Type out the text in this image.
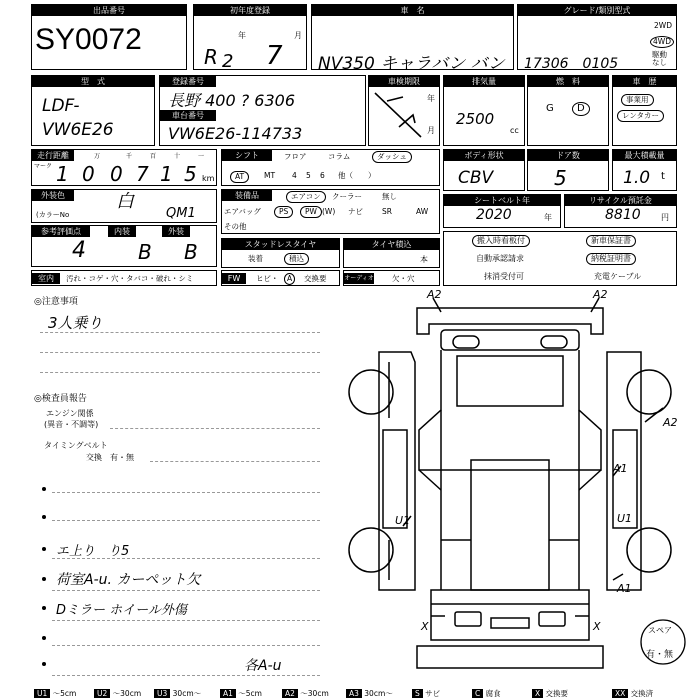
出品番号
SY0072
初年度登録
R 2
年
7
月
車　名
NV350 キャラバン バン
グレード/類別型式
17306　0105
2WD
4WD
駆動なし
型　式
LDF-
VW6E26
登録番号
長野 400 ? 6306
車台番号
VW6E26-114733
車検期限
年
月
排気量
2500
cc
燃　料
G	D
車　歴
事業用
レンタカー
走行距離
マーク
万	千	百	十	一
1 0 0 7 1 5 km
シフト	フロア	コラム	ダッシュ
AT	MT 4 5 6 他（　　）
ボディ形状
CBV
ドア数
5
最大積載量
1.0 t
外装色	白
(カラーNo	QM1
装備品	エアコン	クーラー	無し
エアバッグ	PS	PW (W) ナビ	SR	AW
その他
シートベルト年
2020	年
リサイクル預託金
8810	円
参考評価点
4
内装
B
外装
B	スタッドレスタイヤ
装着	積込
タイヤ積込
本
搬入時看板付	新車保証書
自動承認請求	納税証明書
抹消受付可	充電ケーブル
室内	汚れ・コゲ・穴・タバコ・破れ・シミ	FW	ヒビ・	A	交換要	オーディオ 欠・穴
◎注意事項
3人乗り
◎検査員報告
エンジン関係
(異音・不調等)
タイミングベルト
交換　有・無
エ上り　り5
荷室A-u. カーペット欠
Dミラー ホイール外傷
各A-u
A2	A2
A2
A1
U1
U1
A1
X	X	スペア
有・無
U1 ～5cm	U2 ～30cm	U3 30cm～	A1 ～5cm	A2 ～30cm	A3 30cm～	S サビ	C 腐食	X 交換要	XX 交換済
